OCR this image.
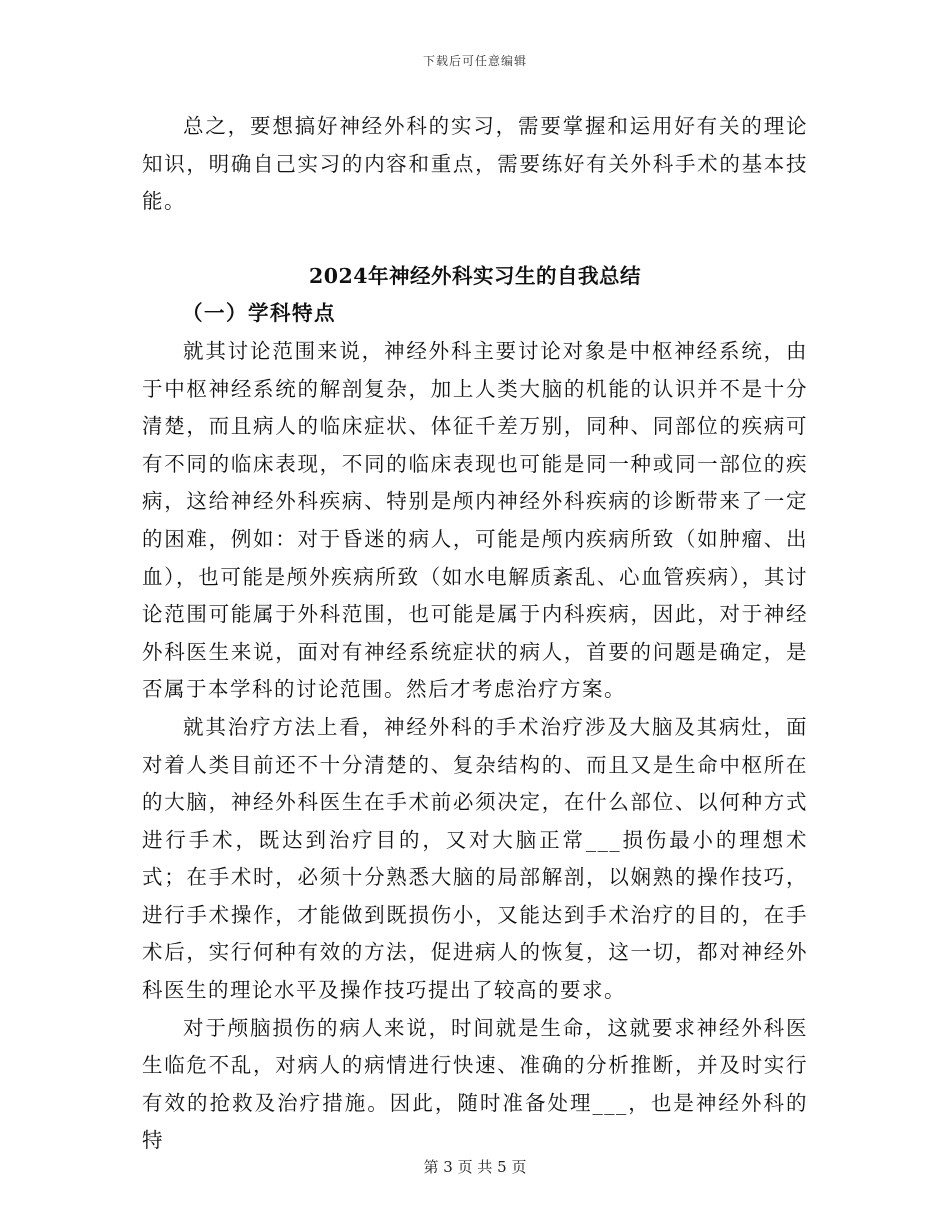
下载后可任意编辑

总之，要想搞好神经外科的实习，需要掌握和运用好有关的理论知识，明确自己实习的内容和重点，需要练好有关外科手术的基本技能。

2024年神经外科实习生的自我总结
（一）学科特点

就其讨论范围来说，神经外科主要讨论对象是中枢神经系统，由于中枢神经系统的解剖复杂，加上人类大脑的机能的认识并不是十分清楚，而且病人的临床症状、体征千差万别，同种、同部位的疾病可有不同的临床表现，不同的临床表现也可能是同一种或同一部位的疾病，这给神经外科疾病、特别是颅内神经外科疾病的诊断带来了一定的困难，例如：对于昏迷的病人，可能是颅内疾病所致（如肿瘤、出血），也可能是颅外疾病所致（如水电解质紊乱、心血管疾病），其讨论范围可能属于外科范围，也可能是属于内科疾病，因此，对于神经外科医生来说，面对有神经系统症状的病人，首要的问题是确定，是否属于本学科的讨论范围。然后才考虑治疗方案。

就其治疗方法上看，神经外科的手术治疗涉及大脑及其病灶，面对着人类目前还不十分清楚的、复杂结构的、而且又是生命中枢所在的大脑，神经外科医生在手术前必须决定，在什么部位、以何种方式进行手术，既达到治疗目的，又对大脑正常___损伤最小的理想术式；在手术时，必须十分熟悉大脑的局部解剖，以娴熟的操作技巧，进行手术操作，才能做到既损伤小，又能达到手术治疗的目的，在手术后，实行何种有效的方法，促进病人的恢复，这一切，都对神经外科医生的理论水平及操作技巧提出了较高的要求。

对于颅脑损伤的病人来说，时间就是生命，这就要求神经外科医生临危不乱，对病人的病情进行快速、准确的分析推断，并及时实行有效的抢救及治疗措施。因此，随时准备处理___，也是神经外科的特

第 3 页 共 5 页
